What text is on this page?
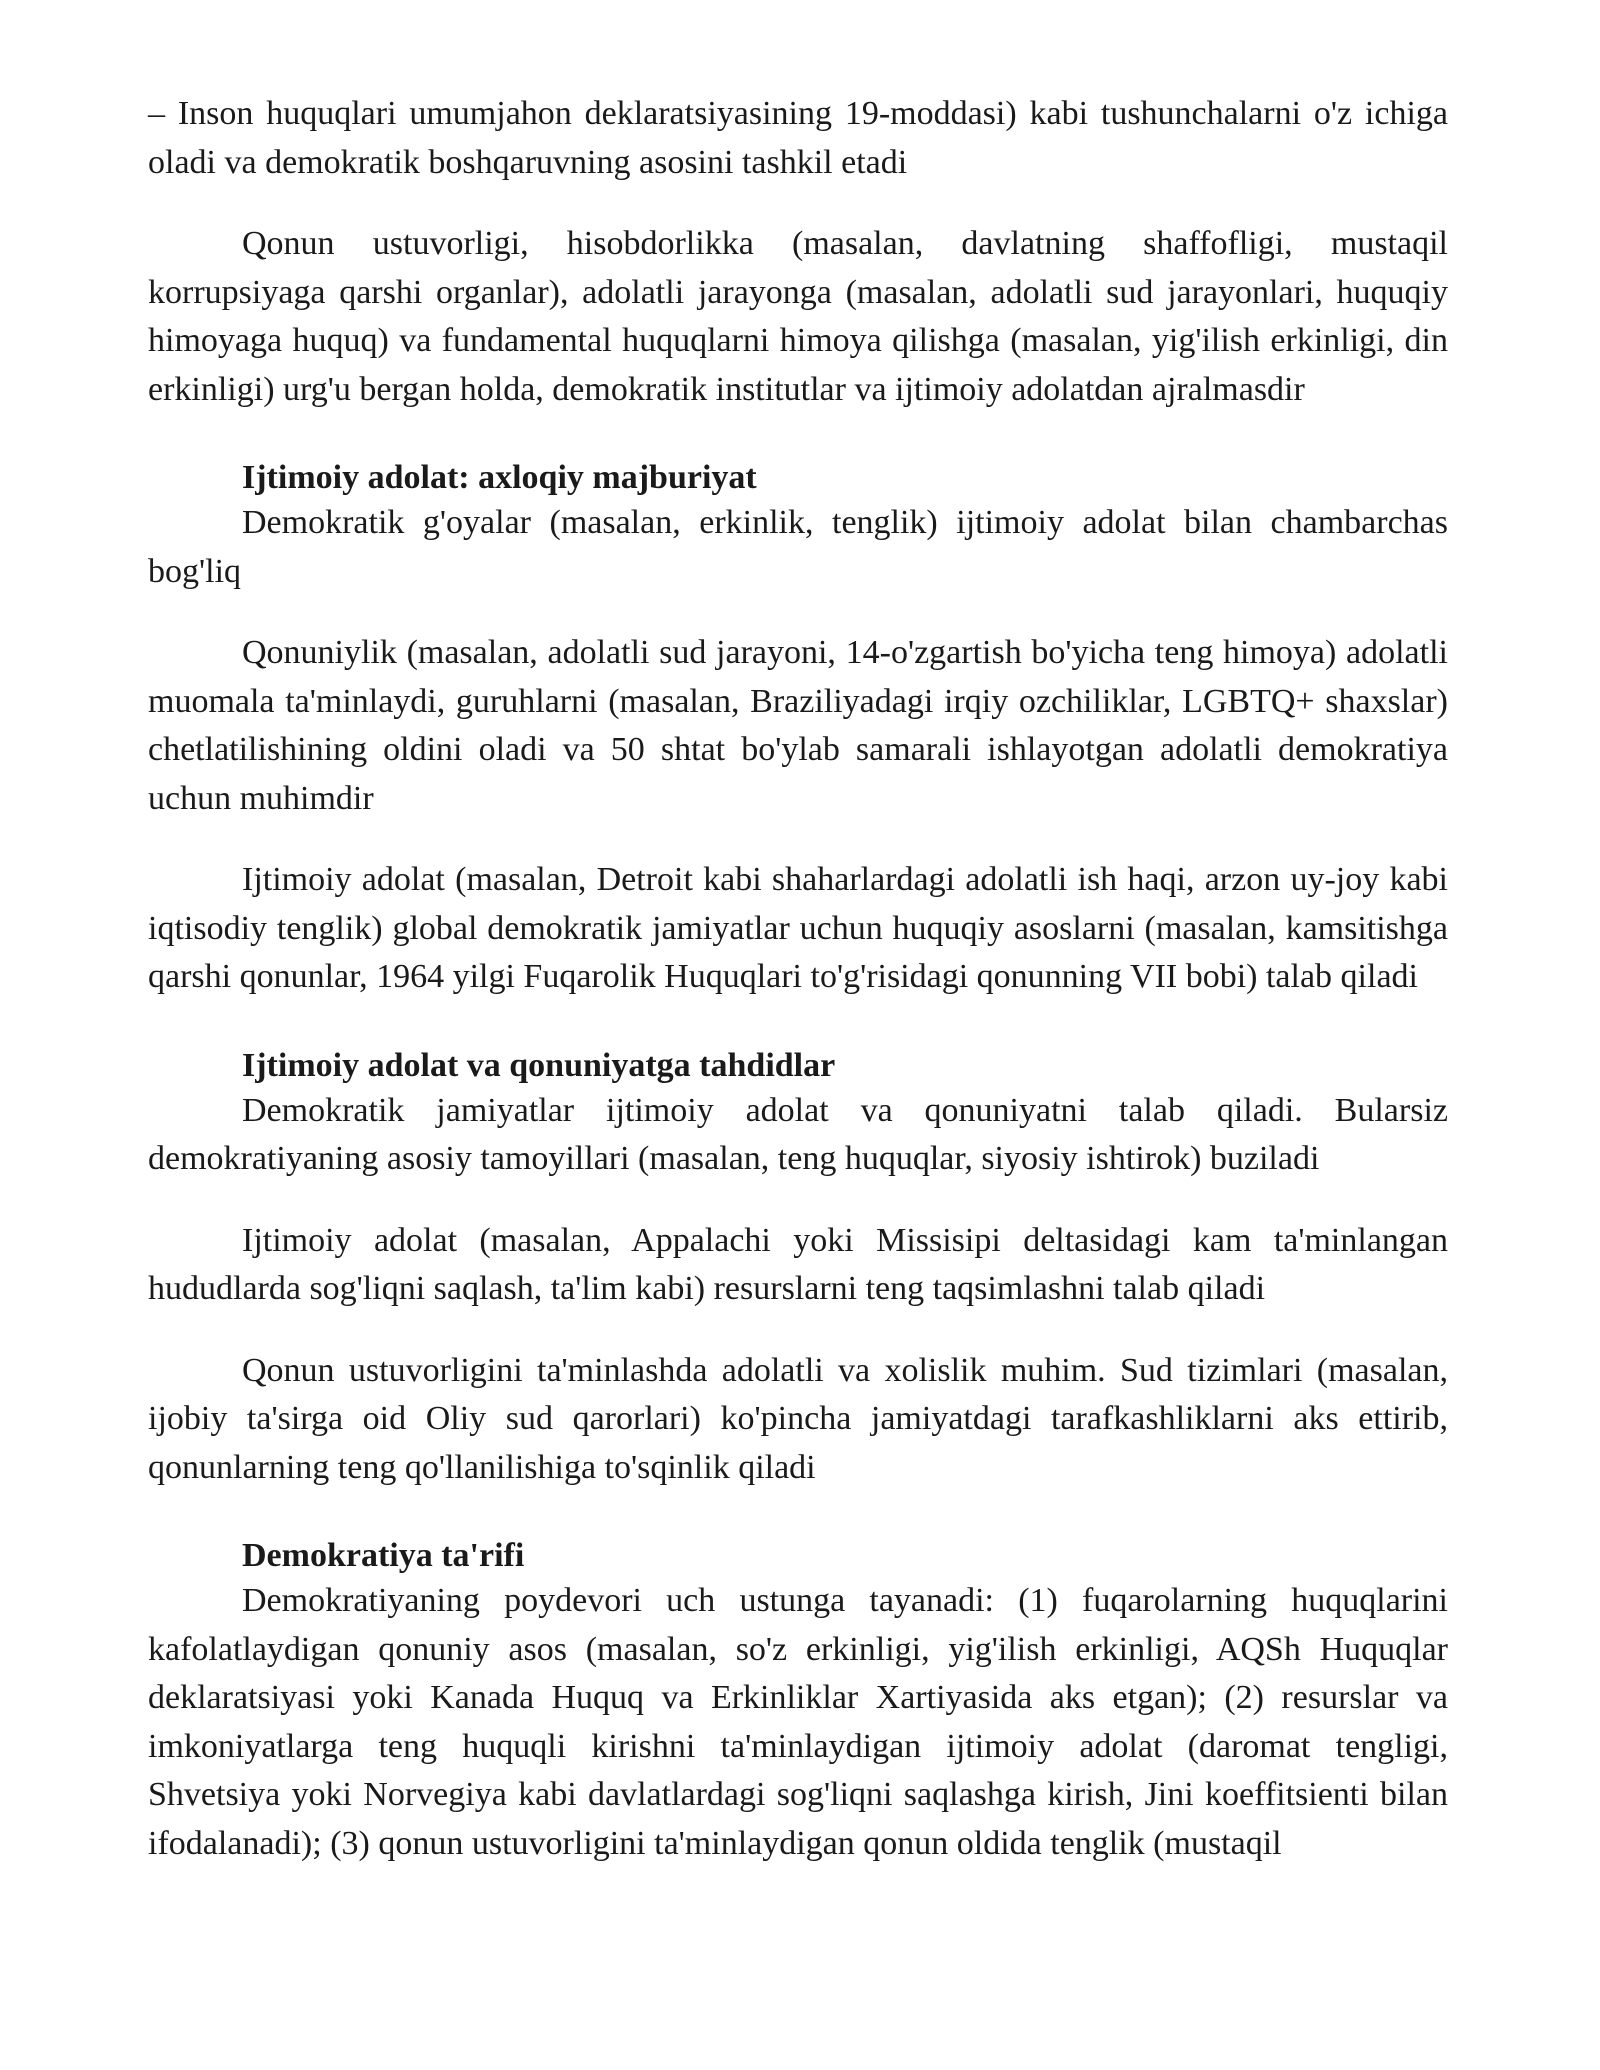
– Inson huquqlari umumjahon deklaratsiyasining 19-moddasi) kabi tushunchalarni o'z ichiga oladi va demokratik boshqaruvning asosini tashkil etadi

Qonun ustuvorligi, hisobdorlikka (masalan, davlatning shaffofligi, mustaqil korrupsiyaga qarshi organlar), adolatli jarayonga (masalan, adolatli sud jarayonlari, huquqiy himoyaga huquq) va fundamental huquqlarni himoya qilishga (masalan, yig'ilish erkinligi, din erkinligi) urg'u bergan holda, demokratik institutlar va ijtimoiy adolatdan ajralmasdir

Ijtimoiy adolat: axloqiy majburiyat

Demokratik g'oyalar (masalan, erkinlik, tenglik) ijtimoiy adolat bilan chambarchas bog'liq

Qonuniylik (masalan, adolatli sud jarayoni, 14-o'zgartish bo'yicha teng himoya) adolatli muomala ta'minlaydi, guruhlarni (masalan, Braziliyadagi irqiy ozchiliklar, LGBTQ+ shaxslar) chetlatilishining oldini oladi va 50 shtat bo'ylab samarali ishlayotgan adolatli demokratiya uchun muhimdir

Ijtimoiy adolat (masalan, Detroit kabi shaharlardagi adolatli ish haqi, arzon uy-joy kabi iqtisodiy tenglik) global demokratik jamiyatlar uchun huquqiy asoslarni (masalan, kamsitishga qarshi qonunlar, 1964 yilgi Fuqarolik Huquqlari to'g'risidagi qonunning VII bobi) talab qiladi

Ijtimoiy adolat va qonuniyatga tahdidlar

Demokratik jamiyatlar ijtimoiy adolat va qonuniyatni talab qiladi. Bularsiz demokratiyaning asosiy tamoyillari (masalan, teng huquqlar, siyosiy ishtirok) buziladi

Ijtimoiy adolat (masalan, Appalachi yoki Missisipi deltasidagi kam ta'minlangan hududlarda sog'liqni saqlash, ta'lim kabi) resurslarni teng taqsimlashni talab qiladi

Qonun ustuvorligini ta'minlashda adolatli va xolislik muhim. Sud tizimlari (masalan, ijobiy ta'sirga oid Oliy sud qarorlari) ko'pincha jamiyatdagi tarafkashliklarni aks ettirib, qonunlarning teng qo'llanilishiga to'sqinlik qiladi

Demokratiya ta'rifi

Demokratiyaning poydevori uch ustunga tayanadi: (1) fuqarolarning huquqlarini kafolatlaydigan qonuniy asos (masalan, so'z erkinligi, yig'ilish erkinligi, AQSh Huquqlar deklaratsiyasi yoki Kanada Huquq va Erkinliklar Xartiyasida aks etgan); (2) resurslar va imkoniyatlarga teng huquqli kirishni ta'minlaydigan ijtimoiy adolat (daromat tengligi, Shvetsiya yoki Norvegiya kabi davlatlardagi sog'liqni saqlashga kirish, Jini koeffitsienti bilan ifodalanadi); (3) qonun ustuvorligini ta'minlaydigan qonun oldida tenglik (mustaqil
